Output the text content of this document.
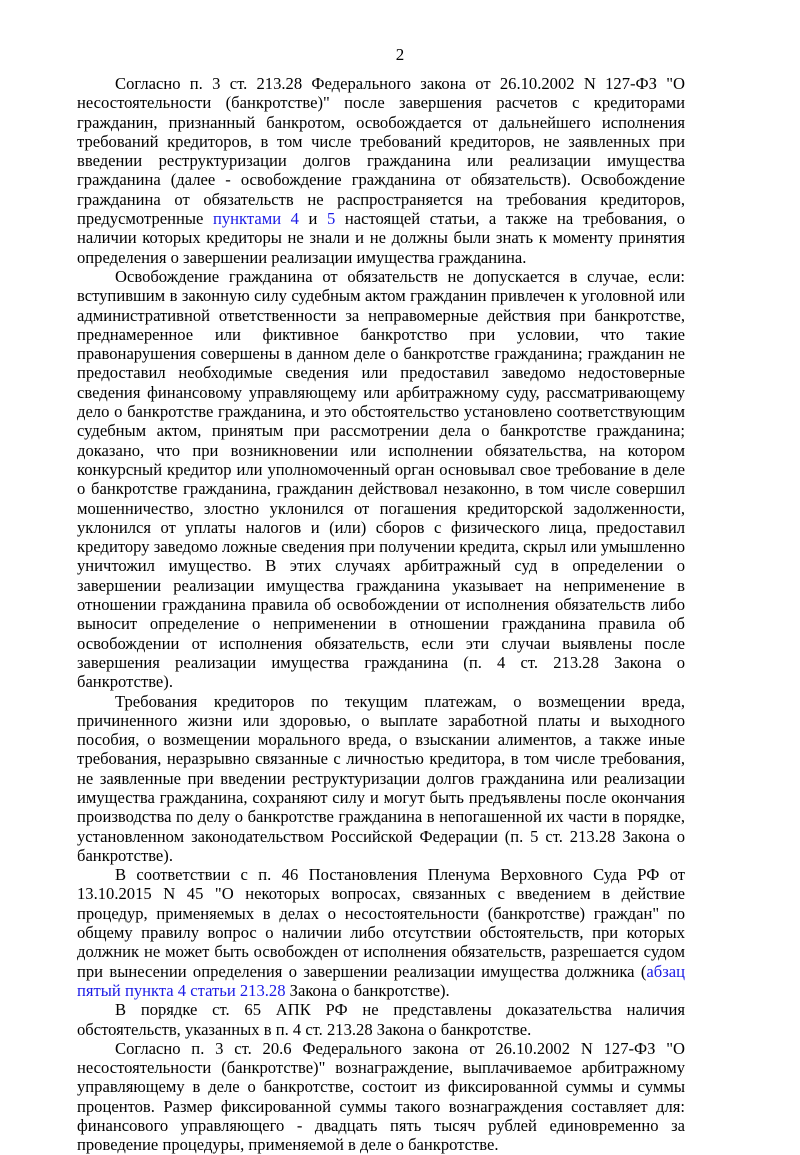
2

Согласно п. 3 ст. 213.28 Федерального закона от 26.10.2002 N 127-ФЗ "О несостоятельности (банкротстве)" после завершения расчетов с кредиторами гражданин, признанный банкротом, освобождается от дальнейшего исполнения требований кредиторов, в том числе требований кредиторов, не заявленных при введении реструктуризации долгов гражданина или реализации имущества гражданина (далее - освобождение гражданина от обязательств). Освобождение гражданина от обязательств не распространяется на требования кредиторов, предусмотренные пунктами 4 и 5 настоящей статьи, а также на требования, о наличии которых кредиторы не знали и не должны были знать к моменту принятия определения о завершении реализации имущества гражданина.

Освобождение гражданина от обязательств не допускается в случае, если: вступившим в законную силу судебным актом гражданин привлечен к уголовной или административной ответственности за неправомерные действия при банкротстве, преднамеренное или фиктивное банкротство при условии, что такие правонарушения совершены в данном деле о банкротстве гражданина; гражданин не предоставил необходимые сведения или предоставил заведомо недостоверные сведения финансовому управляющему или арбитражному суду, рассматривающему дело о банкротстве гражданина, и это обстоятельство установлено соответствующим судебным актом, принятым при рассмотрении дела о банкротстве гражданина; доказано, что при возникновении или исполнении обязательства, на котором конкурсный кредитор или уполномоченный орган основывал свое требование в деле о банкротстве гражданина, гражданин действовал незаконно, в том числе совершил мошенничество, злостно уклонился от погашения кредиторской задолженности, уклонился от уплаты налогов и (или) сборов с физического лица, предоставил кредитору заведомо ложные сведения при получении кредита, скрыл или умышленно уничтожил имущество. В этих случаях арбитражный суд в определении о завершении реализации имущества гражданина указывает на неприменение в отношении гражданина правила об освобождении от исполнения обязательств либо выносит определение о неприменении в отношении гражданина правила об освобождении от исполнения обязательств, если эти случаи выявлены после завершения реализации имущества гражданина (п. 4 ст. 213.28 Закона о банкротстве).

Требования кредиторов по текущим платежам, о возмещении вреда, причиненного жизни или здоровью, о выплате заработной платы и выходного пособия, о возмещении морального вреда, о взыскании алиментов, а также иные требования, неразрывно связанные с личностью кредитора, в том числе требования, не заявленные при введении реструктуризации долгов гражданина или реализации имущества гражданина, сохраняют силу и могут быть предъявлены после окончания производства по делу о банкротстве гражданина в непогашенной их части в порядке, установленном законодательством Российской Федерации (п. 5 ст. 213.28 Закона о банкротстве).

В соответствии с п. 46 Постановления Пленума Верховного Суда РФ от 13.10.2015 N 45 "О некоторых вопросах, связанных с введением в действие процедур, применяемых в делах о несостоятельности (банкротстве) граждан" по общему правилу вопрос о наличии либо отсутствии обстоятельств, при которых должник не может быть освобожден от исполнения обязательств, разрешается судом при вынесении определения о завершении реализации имущества должника (абзац пятый пункта 4 статьи 213.28 Закона о банкротстве).

В порядке ст. 65 АПК РФ не представлены доказательства наличия обстоятельств, указанных в п. 4 ст. 213.28 Закона о банкротстве.

Согласно п. 3 ст. 20.6 Федерального закона от 26.10.2002 N 127-ФЗ "О несостоятельности (банкротстве)" вознаграждение, выплачиваемое арбитражному управляющему в деле о банкротстве, состоит из фиксированной суммы и суммы процентов. Размер фиксированной суммы такого вознаграждения составляет для: финансового управляющего - двадцать пять тысяч рублей единовременно за проведение процедуры, применяемой в деле о банкротстве.
